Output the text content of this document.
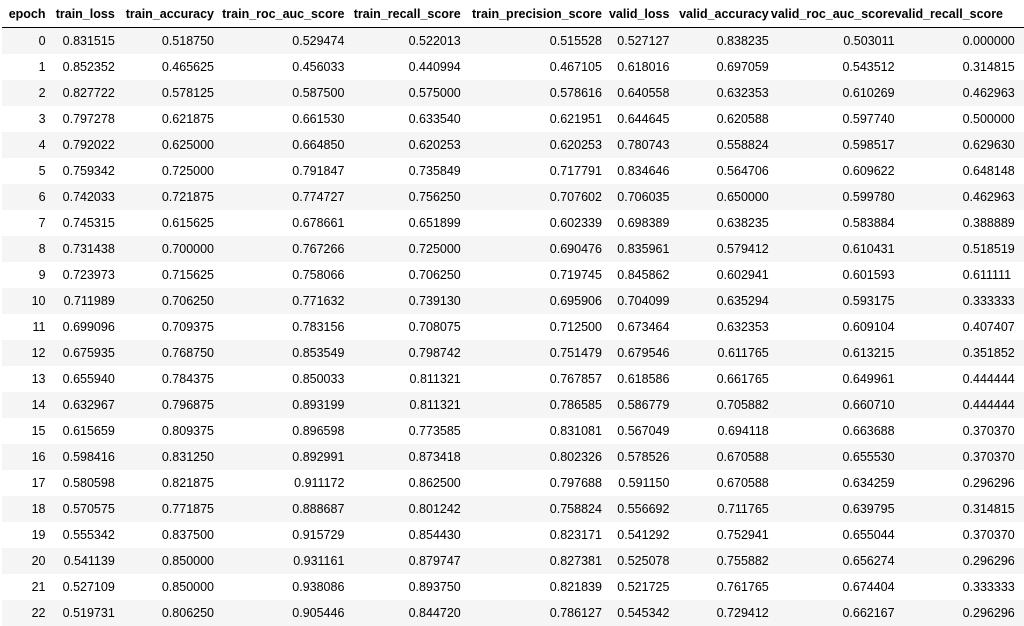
epoch	train_loss	train_accuracy	train_roc_auc_score	train_recall_score	train_precision_score	valid_loss	valid_accuracy	valid_roc_auc_score	valid_recall_score
0	0.831515	0.518750	0.529474	0.522013	0.515528	0.527127	0.838235	0.503011	0.000000
1	0.852352	0.465625	0.456033	0.440994	0.467105	0.618016	0.697059	0.543512	0.314815
2	0.827722	0.578125	0.587500	0.575000	0.578616	0.640558	0.632353	0.610269	0.462963
3	0.797278	0.621875	0.661530	0.633540	0.621951	0.644645	0.620588	0.597740	0.500000
4	0.792022	0.625000	0.664850	0.620253	0.620253	0.780743	0.558824	0.598517	0.629630
5	0.759342	0.725000	0.791847	0.735849	0.717791	0.834646	0.564706	0.609622	0.648148
6	0.742033	0.721875	0.774727	0.756250	0.707602	0.706035	0.650000	0.599780	0.462963
7	0.745315	0.615625	0.678661	0.651899	0.602339	0.698389	0.638235	0.583884	0.388889
8	0.731438	0.700000	0.767266	0.725000	0.690476	0.835961	0.579412	0.610431	0.518519
9	0.723973	0.715625	0.758066	0.706250	0.719745	0.845862	0.602941	0.601593	0.611111
10	0.711989	0.706250	0.771632	0.739130	0.695906	0.704099	0.635294	0.593175	0.333333
11	0.699096	0.709375	0.783156	0.708075	0.712500	0.673464	0.632353	0.609104	0.407407
12	0.675935	0.768750	0.853549	0.798742	0.751479	0.679546	0.611765	0.613215	0.351852
13	0.655940	0.784375	0.850033	0.811321	0.767857	0.618586	0.661765	0.649961	0.444444
14	0.632967	0.796875	0.893199	0.811321	0.786585	0.586779	0.705882	0.660710	0.444444
15	0.615659	0.809375	0.896598	0.773585	0.831081	0.567049	0.694118	0.663688	0.370370
16	0.598416	0.831250	0.892991	0.873418	0.802326	0.578526	0.670588	0.655530	0.370370
17	0.580598	0.821875	0.911172	0.862500	0.797688	0.591150	0.670588	0.634259	0.296296
18	0.570575	0.771875	0.888687	0.801242	0.758824	0.556692	0.711765	0.639795	0.314815
19	0.555342	0.837500	0.915729	0.854430	0.823171	0.541292	0.752941	0.655044	0.370370
20	0.541139	0.850000	0.931161	0.879747	0.827381	0.525078	0.755882	0.656274	0.296296
21	0.527109	0.850000	0.938086	0.893750	0.821839	0.521725	0.761765	0.674404	0.333333
22	0.519731	0.806250	0.905446	0.844720	0.786127	0.545342	0.729412	0.662167	0.296296
